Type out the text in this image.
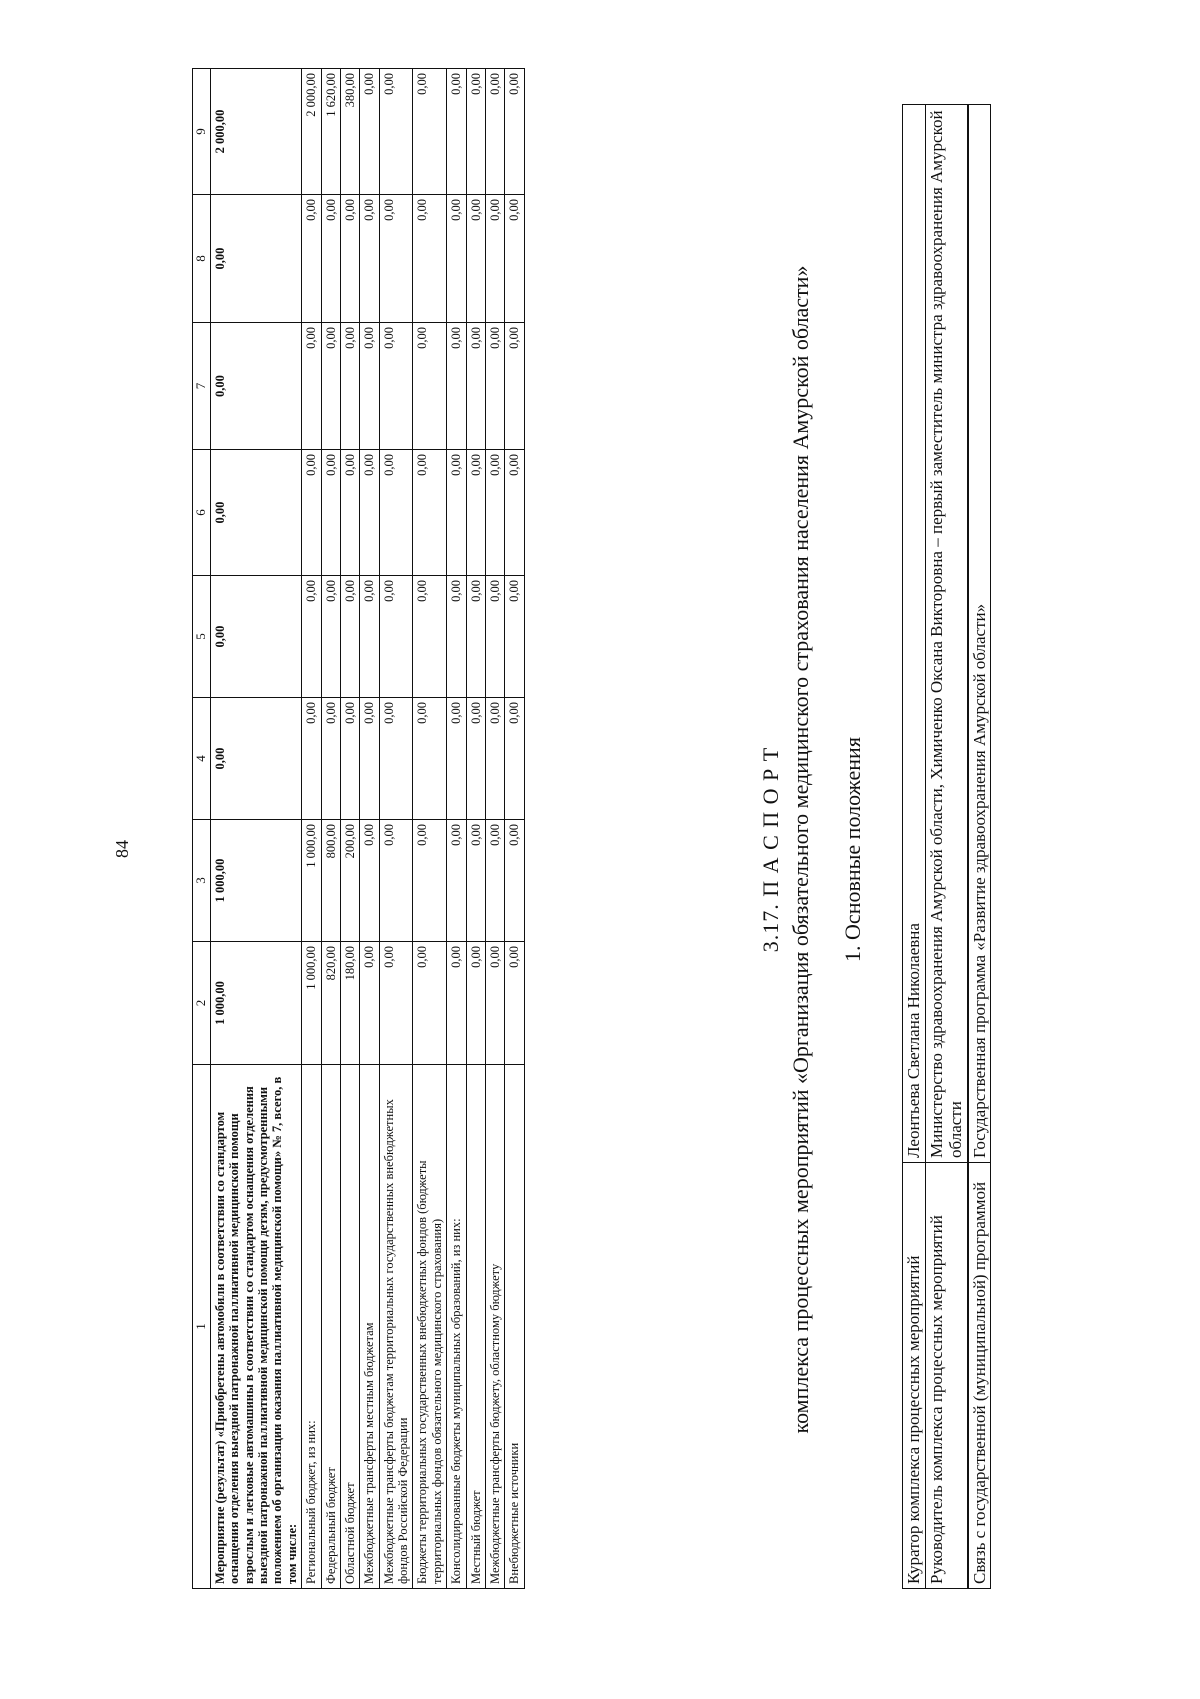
84
1	2	3	4	5	6	7	8	9
Мероприятие (результат) «Приобретены автомобили в соответствии со стандартом оснащения отделения выездной патронажной паллиативной медицинской помощи взрослым и легковые автомашины в соответствии со стандартом оснащения отделения выездной патронажной паллиативной медицинской помощи детям, предусмотренными положением об организации оказания паллиативной медицинской помощи» № 7, всего, в том числе:	1 000,00	1 000,00	0,00	0,00	0,00	0,00	0,00	2 000,00
Региональный бюджет, из них:	1 000,00	1 000,00	0,00	0,00	0,00	0,00	0,00	2 000,00
Федеральный бюджет	820,00	800,00	0,00	0,00	0,00	0,00	0,00	1 620,00
Областной бюджет	180,00	200,00	0,00	0,00	0,00	0,00	0,00	380,00
Межбюджетные трансферты местным бюджетам	0,00	0,00	0,00	0,00	0,00	0,00	0,00	0,00
Межбюджетные трансферты бюджетам территориальных государственных внебюджетных фондов Российской Федерации	0,00	0,00	0,00	0,00	0,00	0,00	0,00	0,00
Бюджеты территориальных государственных внебюджетных фондов (бюджеты территориальных фондов обязательного медицинского страхования)	0,00	0,00	0,00	0,00	0,00	0,00	0,00	0,00
Консолидированные бюджеты муниципальных образований, из них:	0,00	0,00	0,00	0,00	0,00	0,00	0,00	0,00
Местный бюджет	0,00	0,00	0,00	0,00	0,00	0,00	0,00	0,00
Межбюджетные трансферты бюджету, областному бюджету	0,00	0,00	0,00	0,00	0,00	0,00	0,00	0,00
Внебюджетные источники	0,00	0,00	0,00	0,00	0,00	0,00	0,00	0,00
3.17. П А С П О Р Т комплекса процессных мероприятий «Организация обязательного медицинского страхования населения Амурской области» 1. Основные положения
Куратор комплекса процессных мероприятий	Леонтьева Светлана Николаевна
Руководитель комплекса процессных мероприятий	Министерство здравоохранения Амурской области, Химиченко Оксана Викторовна – первый заместитель министра здравоохранения Амурской области
Связь с государственной (муниципальной) программой	Государственная программа «Развитие здравоохранения Амурской области»
